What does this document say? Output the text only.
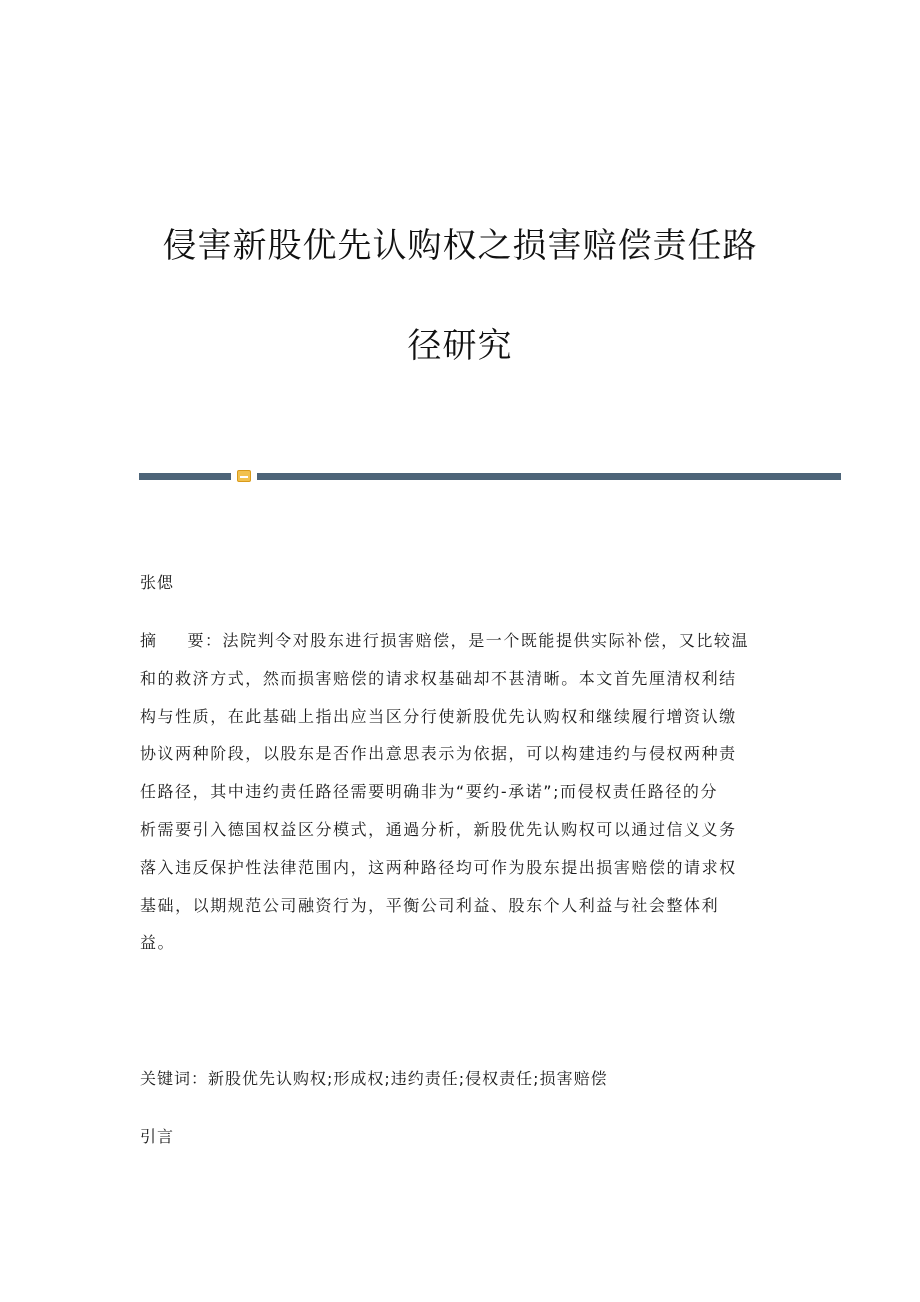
侵害新股优先认购权之损害赔偿责任路
径研究
张偲
摘 要：法院判令对股东进行损害赔偿，是一个既能提供实际补偿，又比较温
和的救济方式，然而损害赔偿的请求权基础却不甚清晰。本文首先厘清权利结
构与性质，在此基础上指出应当区分行使新股优先认购权和继续履行增资认缴
协议两种阶段，以股东是否作出意思表示为依据，可以构建违约与侵权两种责
任路径，其中违约责任路径需要明确非为“要约-承诺”;而侵权责任路径的分
析需要引入德国权益区分模式，通過分析，新股优先认购权可以通过信义义务
落入违反保护性法律范围内，这两种路径均可作为股东提出损害赔偿的请求权
基础，以期规范公司融资行为，平衡公司利益、股东个人利益与社会整体利
益。
关键词：新股优先认购权;形成权;违约责任;侵权责任;损害赔偿
引言
